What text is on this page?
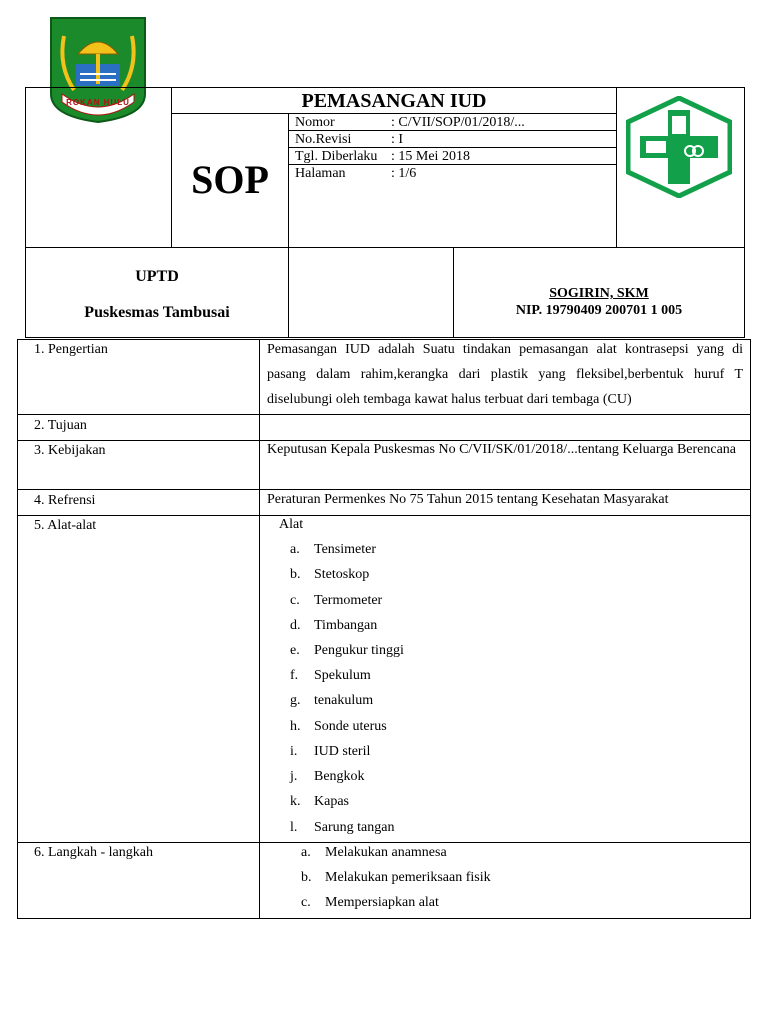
ROKAN HULU	PEMASANGAN IUD
SOP
Nomor	: C/VII/SOP/01/2018/...
No.Revisi	: I
Tgl. Diberlaku : 15 Mei 2018
Halaman	: 1/6
UPTD
Puskesmas Tambusai
SOGIRIN, SKM
NIP. 19790409 200701 1 005
1. Pengertian	Pemasangan IUD adalah Suatu tindakan pemasangan alat kontrasepsi yang di pasang dalam rahim,kerangka dari plastik yang fleksibel,berbentuk huruf T diselubungi oleh tembaga kawat halus terbuat dari tembaga (CU)
2. Tujuan
3. Kebijakan	Keputusan Kepala Puskesmas No C/VII/SK/01/2018/...tentang Keluarga Berencana
4. Refrensi	Peraturan Permenkes No 75 Tahun 2015 tentang Kesehatan Masyarakat
5. Alat-alat	Alat
a. Tensimeter
b. Stetoskop
c. Termometer
d. Timbangan
e. Pengukur tinggi
f. Spekulum
g. tenakulum
h. Sonde uterus
i. IUD steril
j. Bengkok
k. Kapas
l. Sarung tangan
6. Langkah - langkah	a. Melakukan anamnesa
b. Melakukan pemeriksaan fisik
c. Mempersiapkan alat
